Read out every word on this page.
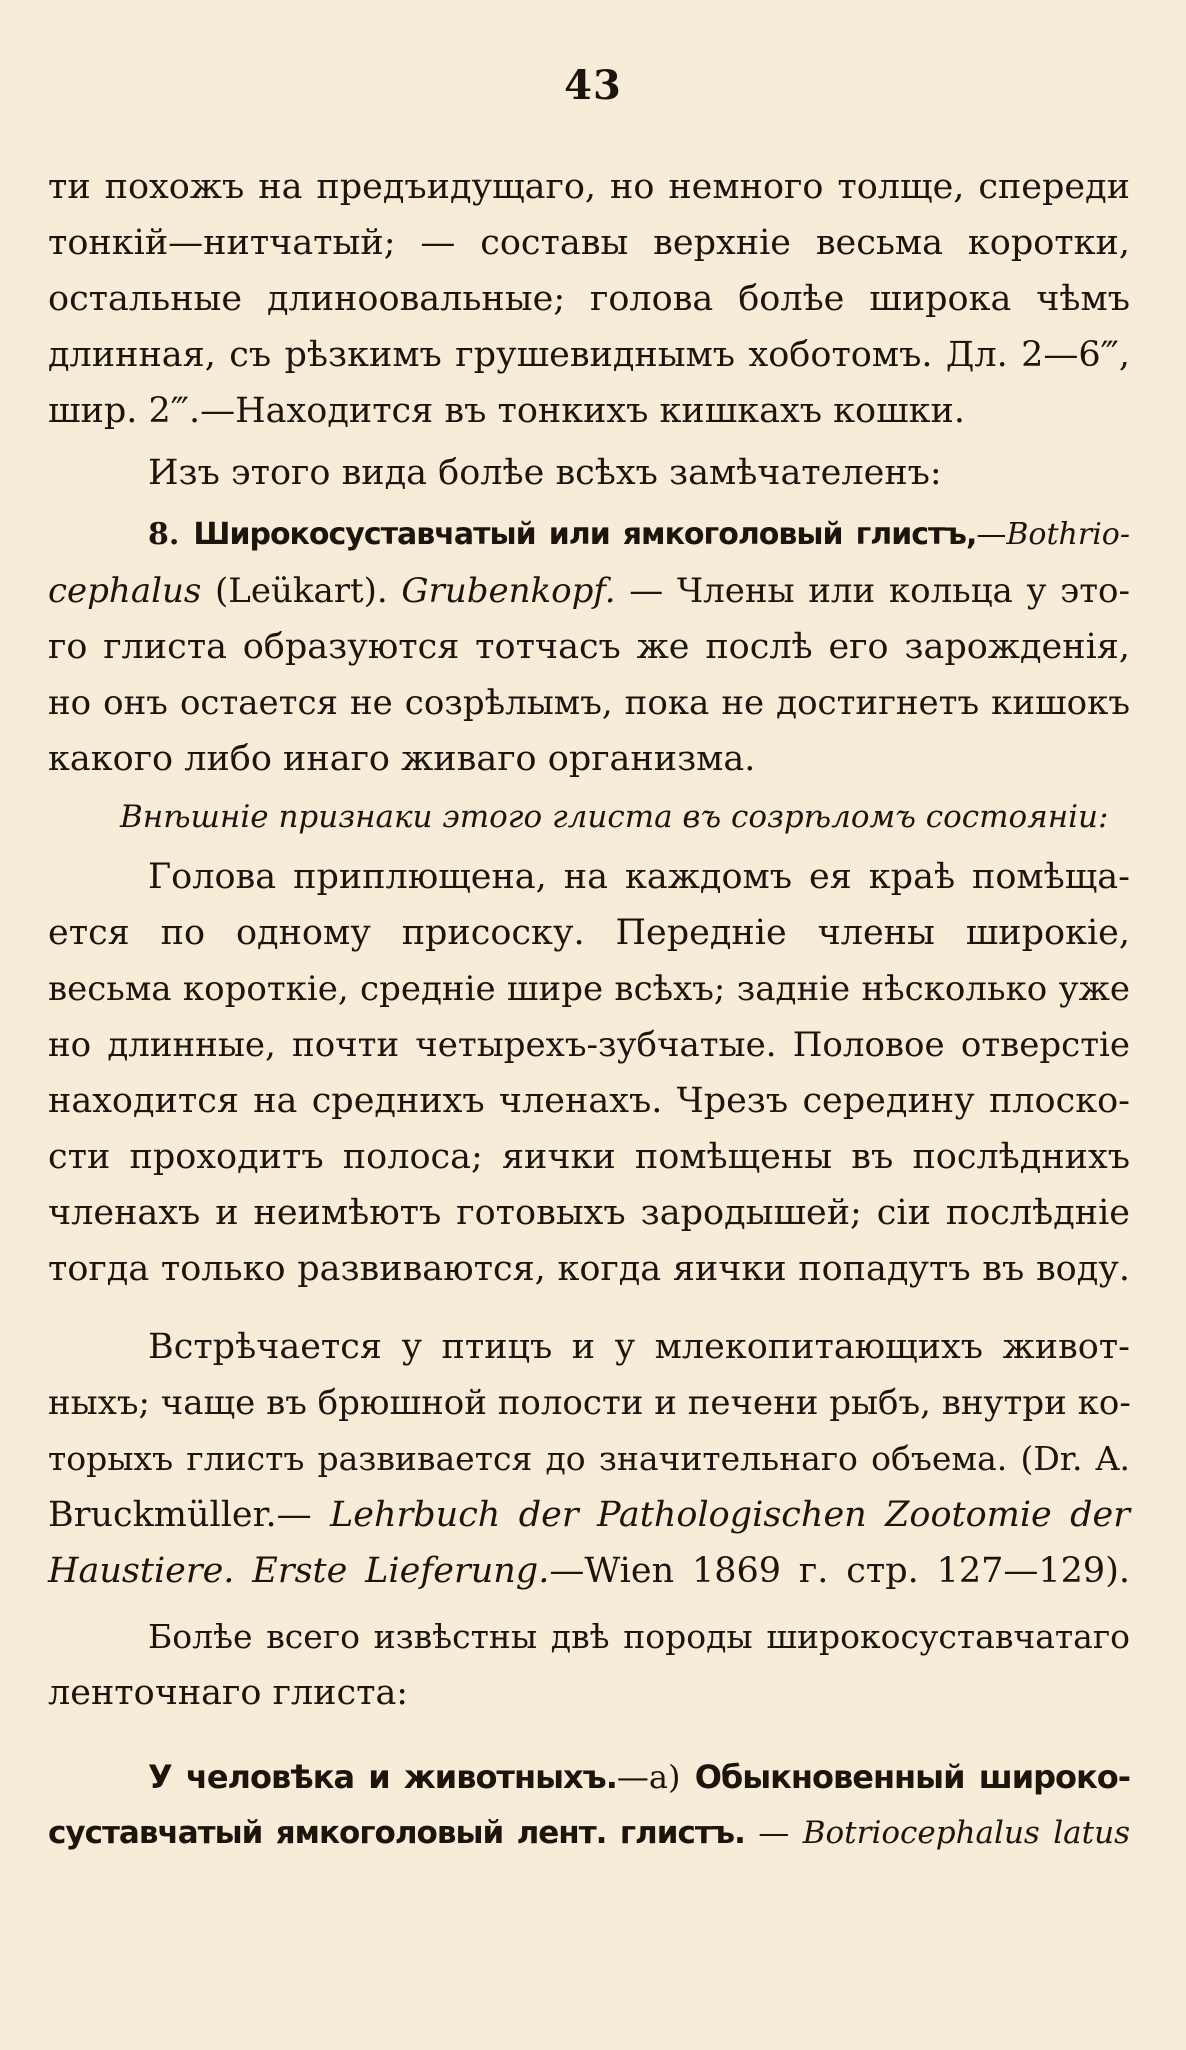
43
ти похожъ на предъидущаго, но немного толще, спереди
тонкій—нитчатый; — составы верхніе весьма коротки,
остальные длиноовальные; голова болѣе широка чѣмъ
длинная, съ рѣзкимъ грушевиднымъ хоботомъ. Дл. 2—6‴,
шир. 2‴.—Находится въ тонкихъ кишкахъ кошки.
Изъ этого вида болѣе всѣхъ замѣчателенъ:
8. Широкосуставчатый или ямкоголовый глистъ,—Bothrio-
cephalus (Leükart). Grubenkopf. — Члены или кольца у это-
го глиста образуются тотчасъ же послѣ его зарожденія,
но онъ остается не созрѣлымъ, пока не достигнетъ кишокъ
какого либо инаго живаго организма.
Внѣшніе признаки этого глиста въ созрѣломъ состояніи:
Голова приплющена, на каждомъ ея краѣ помѣща-
ется по одному присоску. Передніе члены широкіе,
весьма короткіе, средніе шире всѣхъ; задніе нѣсколько уже
но длинные, почти четырехъ-зубчатые. Половое отверстіе
находится на среднихъ членахъ. Чрезъ середину плоско-
сти проходитъ полоса; яички помѣщены въ послѣднихъ
членахъ и неимѣютъ готовыхъ зародышей; сіи послѣдніе
тогда только развиваются, когда яички попадутъ въ воду.
Встрѣчается у птицъ и у млекопитающихъ живот-
ныхъ; чаще въ брюшной полости и печени рыбъ, внутри ко-
торыхъ глистъ развивается до значительнаго объема. (Dr. A.
Bruckmüller.— Lehrbuch der Pathologischen Zootomie der
Haustiere. Erste Lieferung.—Wien 1869 г. стр. 127—129).
Болѣе всего извѣстны двѣ породы широкосуставчатаго
ленточнаго глиста:
У человѣка и животныхъ.—а) Обыкновенный широко-
суставчатый ямкоголовый лент. глистъ. — Botriocephalus latus
